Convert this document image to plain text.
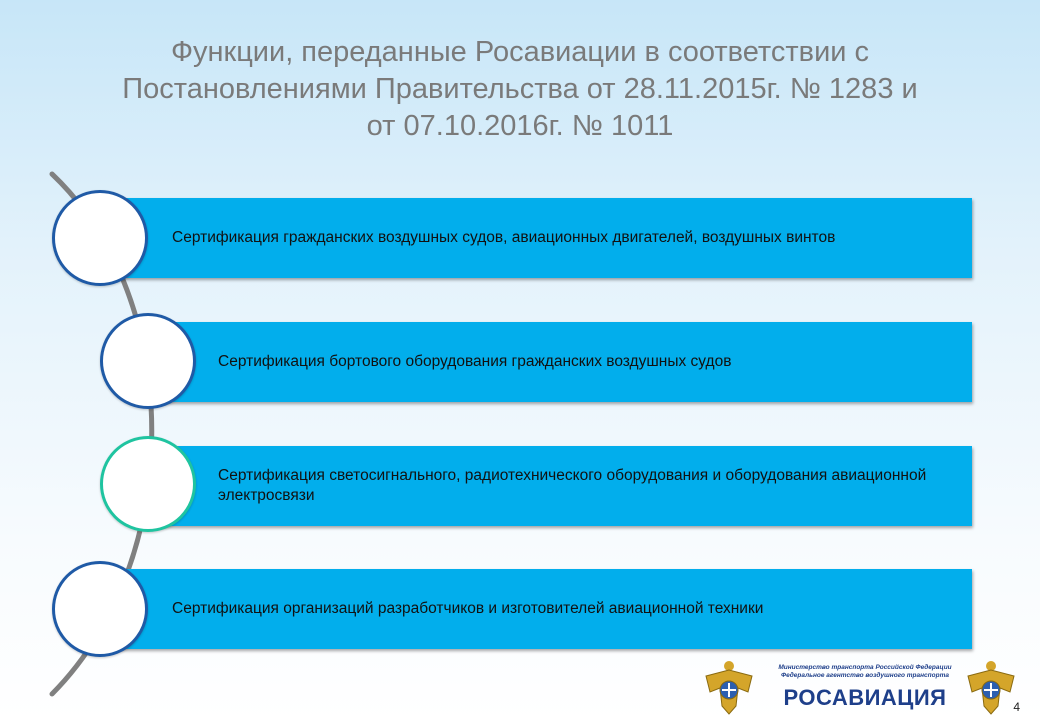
Функции, переданные Росавиации в соответствии с
Постановлениями Правительства от 28.11.2015г. № 1283 и
от 07.10.2016г. № 1011
Сертификация гражданских воздушных судов, авиационных двигателей, воздушных винтов
Сертификация бортового оборудования гражданских воздушных судов
Сертификация светосигнального, радиотехнического оборудования и оборудования авиационной электросвязи
Сертификация организаций разработчиков и изготовителей авиационной техники
Министерство транспорта Российской Федерации
Федеральное агентство воздушного транспорта
РОСАВИАЦИЯ	4
